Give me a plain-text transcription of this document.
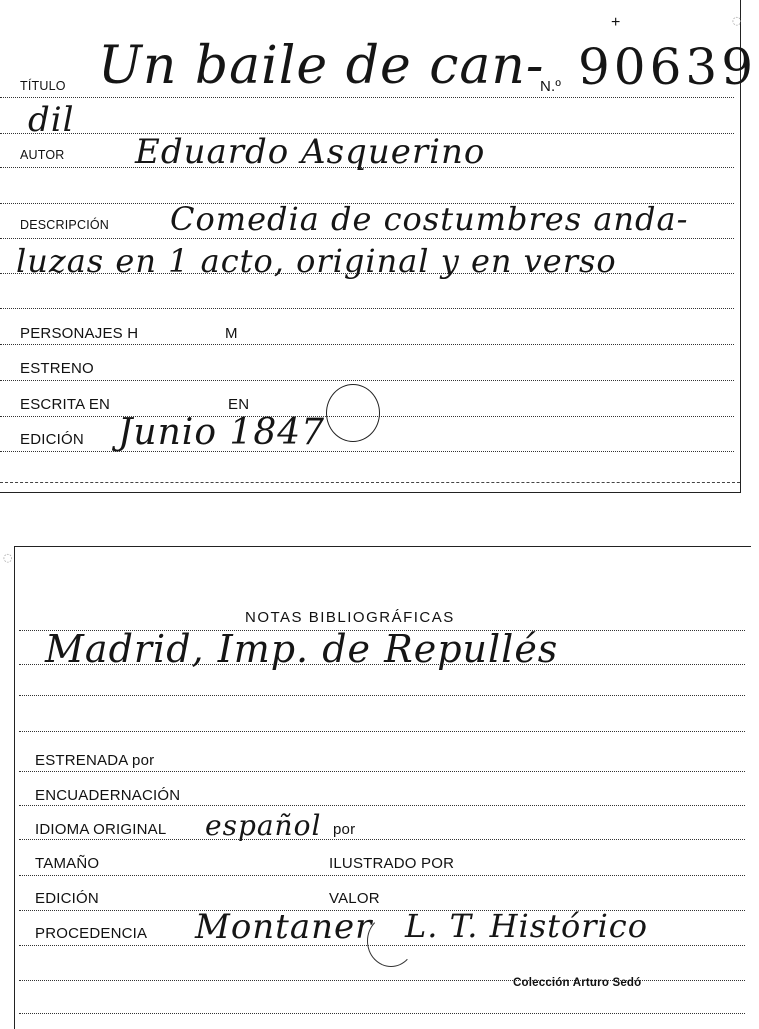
◌
TÍTULO Un baile de can-
N.º 90639
+
dil
AUTOR Eduardo Asquerino
DESCRIPCIÓN Comedia de costumbres anda-
luzas en 1 acto, original y en verso
PERSONAJES H	M
ESTRENO
ESCRITA EN	EN
EDICIÓN Junio 1847
◌
NOTAS BIBLIOGRÁFICAS
Madrid, Imp. de Repullés
ESTRENADA por
ENCUADERNACIÓN
IDIOMA ORIGINAL español por
TAMAÑO	ILUSTRADO POR
EDICIÓN	VALOR
PROCEDENCIA Montaner L. T. Histórico
Colección Arturo Sedó
